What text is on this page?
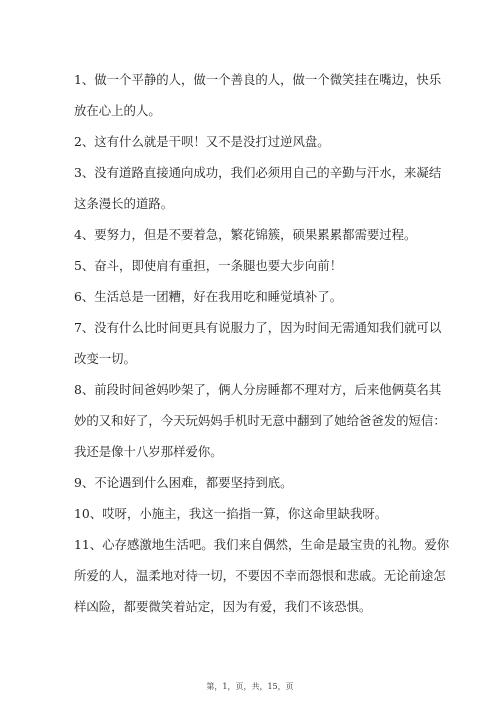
1、做一个平静的人，做一个善良的人，做一个微笑挂在嘴边，快乐
放在心上的人。

2、这有什么就是干呗！又不是没打过逆风盘。

3、没有道路直接通向成功，我们必须用自己的辛勤与汗水，来凝结
这条漫长的道路。

4、要努力，但是不要着急，繁花锦簇，硕果累累都需要过程。

5、奋斗，即使肩有重担，一条腿也要大步向前！

6、生活总是一团糟，好在我用吃和睡觉填补了。

7、没有什么比时间更具有说服力了，因为时间无需通知我们就可以
改变一切。

8、前段时间爸妈吵架了，俩人分房睡都不理对方，后来他俩莫名其
妙的又和好了，今天玩妈妈手机时无意中翻到了她给爸爸发的短信：
我还是像十八岁那样爱你。

9、不论遇到什么困难，都要坚持到底。

10、哎呀，小施主，我这一掐指一算，你这命里缺我呀。

11、心存感激地生活吧。我们来自偶然，生命是最宝贵的礼物。爱你
所爱的人，温柔地对待一切，不要因不幸而怨恨和悲戚。无论前途怎
样凶险，都要微笑着站定，因为有爱，我们不该恐惧。

第，1，页，共，15，页
